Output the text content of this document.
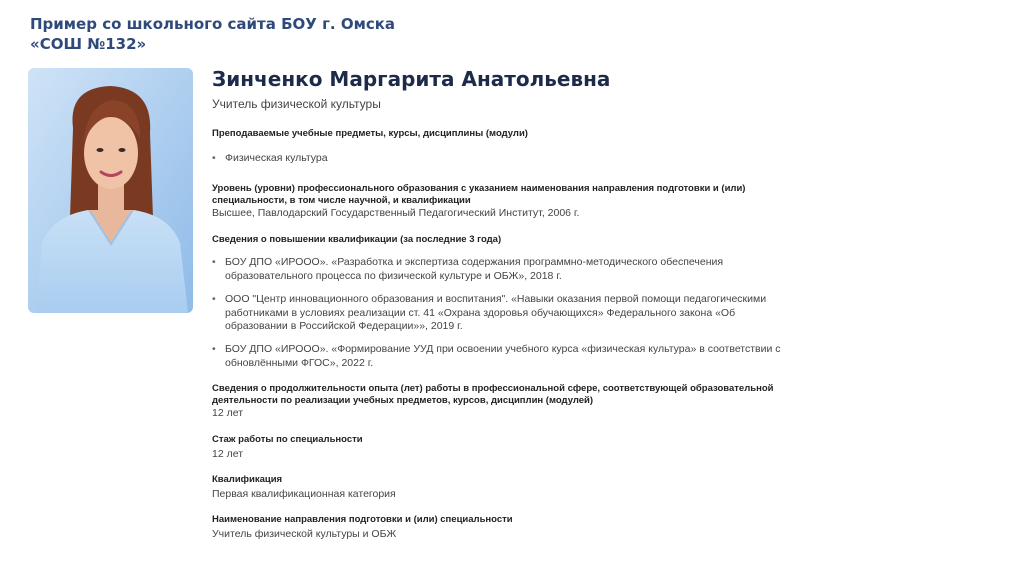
Пример со школьного сайта БОУ г. Омска «СОШ №132»
Зинченко Маргарита Анатольевна
Учитель физической культуры
Преподаваемые учебные предметы, курсы, дисциплины (модули)
• Физическая культура
Уровень (уровни) профессионального образования с указанием наименования направления подготовки и (или) специальности, в том числе научной, и квалификации
Высшее, Павлодарский Государственный Педагогический Институт, 2006 г.
Сведения о повышении квалификации (за последние 3 года)
• БОУ ДПО «ИРООО». «Разработка и экспертиза содержания программно-методического обеспечения образовательного процесса по физической культуре и ОБЖ», 2018 г.
• ООО "Центр инновационного образования и воспитания". «Навыки оказания первой помощи педагогическими работниками в условиях реализации ст. 41 «Охрана здоровья обучающихся» Федерального закона «Об образовании в Российской Федерации»», 2019 г.
• БОУ ДПО «ИРООО». «Формирование УУД при освоении учебного курса «физическая культура» в соответствии с обновлёнными ФГОС», 2022 г.
Сведения о продолжительности опыта (лет) работы в профессиональной сфере, соответствующей образовательной деятельности по реализации учебных предметов, курсов, дисциплин (модулей)
12 лет
Стаж работы по специальности
12 лет
Квалификация
Первая квалификационная категория
Наименование направления подготовки и (или) специальности
Учитель физической культуры и ОБЖ
